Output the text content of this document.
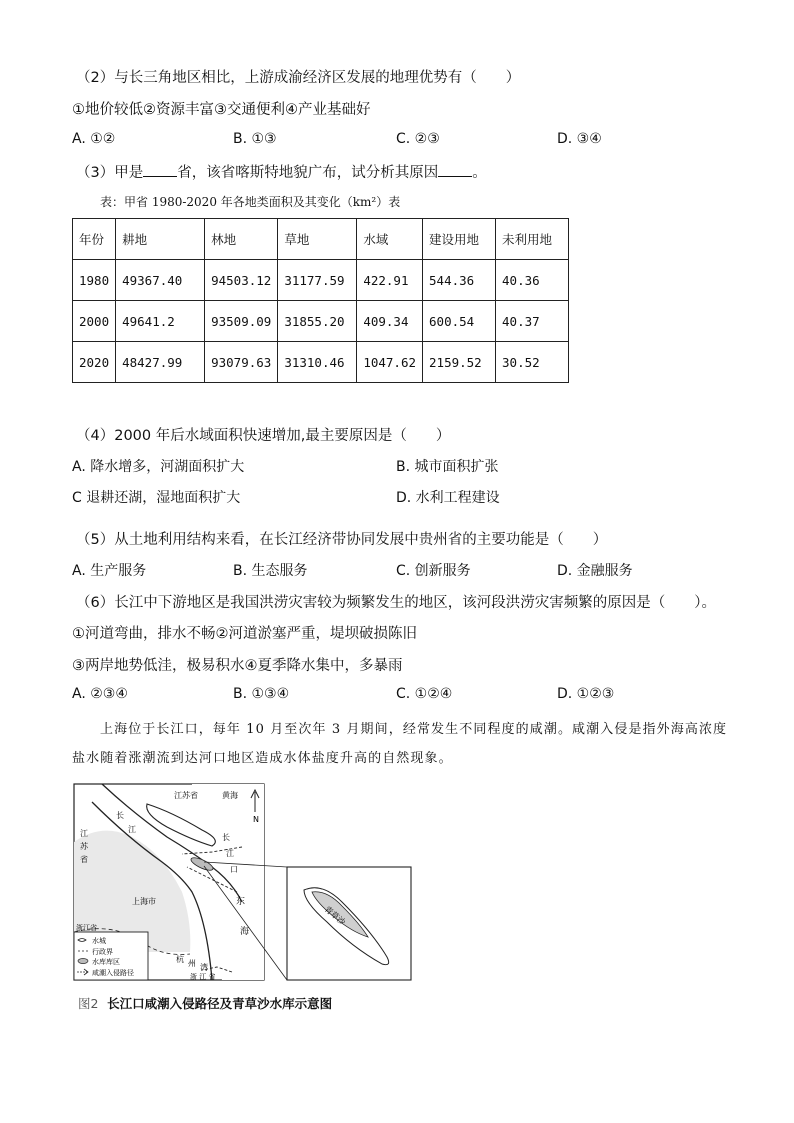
（2）与长三角地区相比，上游成渝经济区发展的地理优势有（　　）
①地价较低②资源丰富③交通便利④产业基础好
A. ①②	B. ①③	C. ②③	D. ③④
（3）甲是 省，该省喀斯特地貌广布，试分析其原因 。
表：甲省 1980-2020 年各地类面积及其变化（km²）表
年份	耕地	林地	草地	水域	建设用地	未利用地
1980	49367.40	94503.12	31177.59	422.91	544.36	40.36
2000	49641.2	93509.09	31855.20	409.34	600.54	40.37
2020	48427.99	93079.63	31310.46	1047.62	2159.52	30.52
（4）2000 年后水域面积快速增加,最主要原因是（　　）
A. 降水增多，河湖面积扩大	B. 城市面积扩张
C 退耕还湖，湿地面积扩大	D. 水利工程建设
（5）从土地利用结构来看，在长江经济带协同发展中贵州省的主要功能是（　　）
A. 生产服务	B. 生态服务	C. 创新服务	D. 金融服务
（6）长江中下游地区是我国洪涝灾害较为频繁发生的地区，该河段洪涝灾害频繁的原因是（　　）。
①河道弯曲，排水不畅②河道淤塞严重，堤坝破损陈旧
③两岸地势低洼，极易积水④夏季降水集中，多暴雨
A. ②③④	B. ①③④	C. ①②④	D. ①②③
上海位于长江口，每年 10 月至次年 3 月期间，经常发生不同程度的咸潮。咸潮入侵是指外海高浓度
盐水随着涨潮流到达河口地区造成水体盐度升高的自然现象。
江苏省	黄海
N
江
苏
省
长
江
长
江
口
上海市	东
海
浙江省
杭 州 湾
浙 江 省
青草沙
水城
行政界
水库库区
咸潮入侵路径
图2 长江口咸潮入侵路径及青草沙水库示意图
